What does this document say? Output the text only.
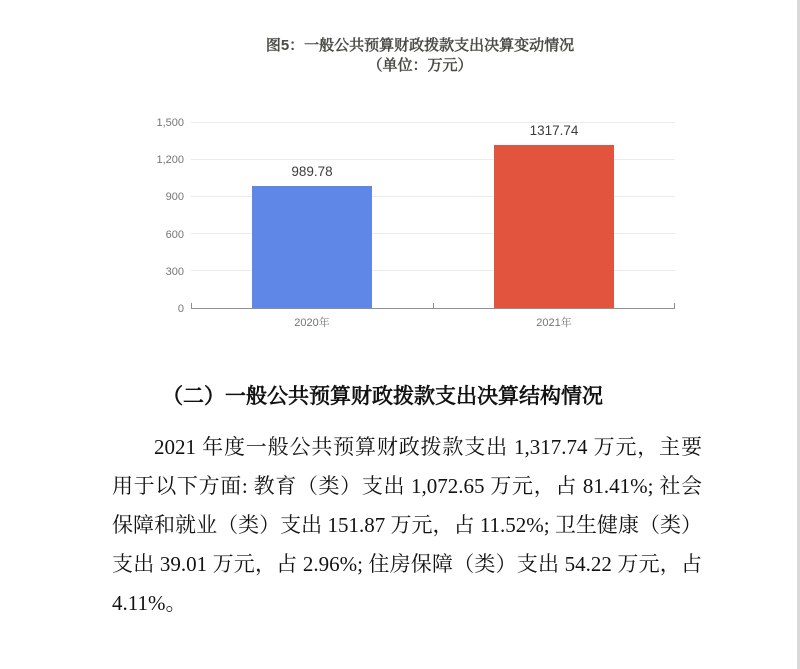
图5：一般公共预算财政拨款支出决算变动情况
（单位：万元）
0
300
600
900
1,200
1,500
989.78
1317.74
2020年	2021年

（二）一般公共预算财政拨款支出决算结构情况

2021 年度一般公共预算财政拨款支出 1,317.74 万元，主要用于以下方面: 教育（类）支出 1,072.65 万元，占 81.41%; 社会保障和就业（类）支出 151.87 万元，占 11.52%; 卫生健康（类）支出 39.01 万元，占 2.96%; 住房保障（类）支出 54.22 万元，占 4.11%。
